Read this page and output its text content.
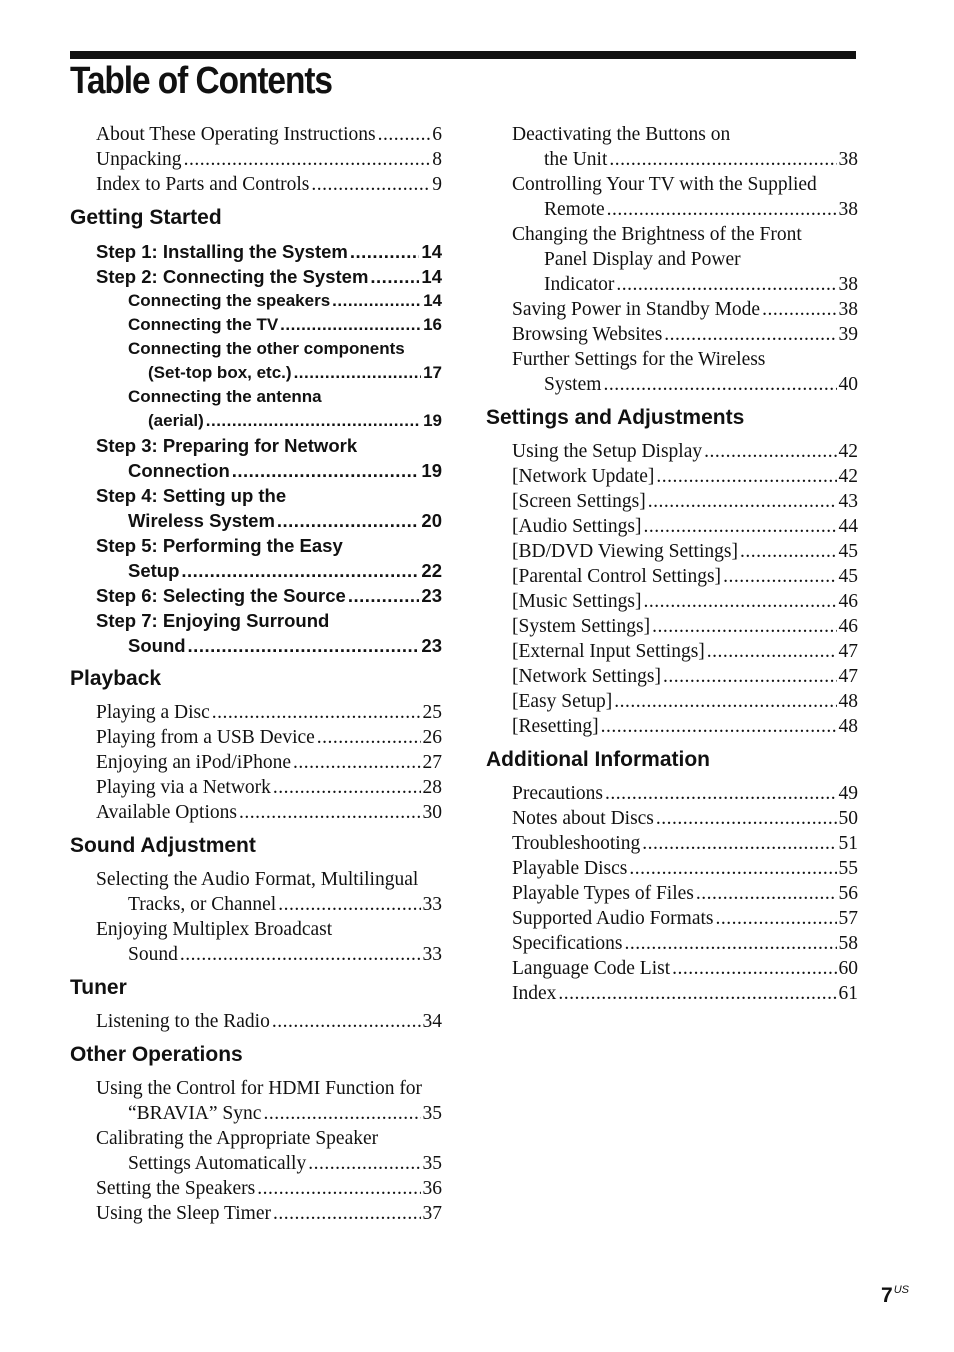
Table of Contents
About These Operating Instructions .....	6
Unpacking .....	8
Index to Parts and Controls .....	9
Getting Started
Step 1: Installing the System .....	14
Step 2: Connecting the System .....	14
Connecting the speakers .....	14
Connecting the TV .....	16
Connecting the other components
(Set-top box, etc.) .....	17
Connecting the antenna
(aerial) .....	19
Step 3: Preparing for Network
Connection .....	19
Step 4: Setting up the
Wireless System .....	20
Step 5: Performing the Easy
Setup .....	22
Step 6: Selecting the Source .....	23
Step 7: Enjoying Surround
Sound .....	23
Playback
Playing a Disc .....	25
Playing from a USB Device .....	26
Enjoying an iPod/iPhone .....	27
Playing via a Network .....	28
Available Options .....	30
Sound Adjustment
Selecting the Audio Format, Multilingual
Tracks, or Channel .....	33
Enjoying Multiplex Broadcast
Sound .....	33
Tuner
Listening to the Radio .....	34
Other Operations
Using the Control for HDMI Function for
“BRAVIA” Sync .....	35
Calibrating the Appropriate Speaker
Settings Automatically .....	35
Setting the Speakers .....	36
Using the Sleep Timer .....	37
Deactivating the Buttons on
the Unit .....	38
Controlling Your TV with the Supplied
Remote .....	38
Changing the Brightness of the Front
Panel Display and Power
Indicator .....	38
Saving Power in Standby Mode .....	38
Browsing Websites .....	39
Further Settings for the Wireless
System .....	40
Settings and Adjustments
Using the Setup Display .....	42
[Network Update] .....	42
[Screen Settings] .....	43
[Audio Settings] .....	44
[BD/DVD Viewing Settings] .....	45
[Parental Control Settings] .....	45
[Music Settings] .....	46
[System Settings] .....	46
[External Input Settings] .....	47
[Network Settings] .....	47
[Easy Setup] .....	48
[Resetting] .....	48
Additional Information
Precautions .....	49
Notes about Discs .....	50
Troubleshooting .....	51
Playable Discs .....	55
Playable Types of Files .....	56
Supported Audio Formats .....	57
Specifications .....	58
Language Code List .....	60
Index .....	61
$7^{US}$
